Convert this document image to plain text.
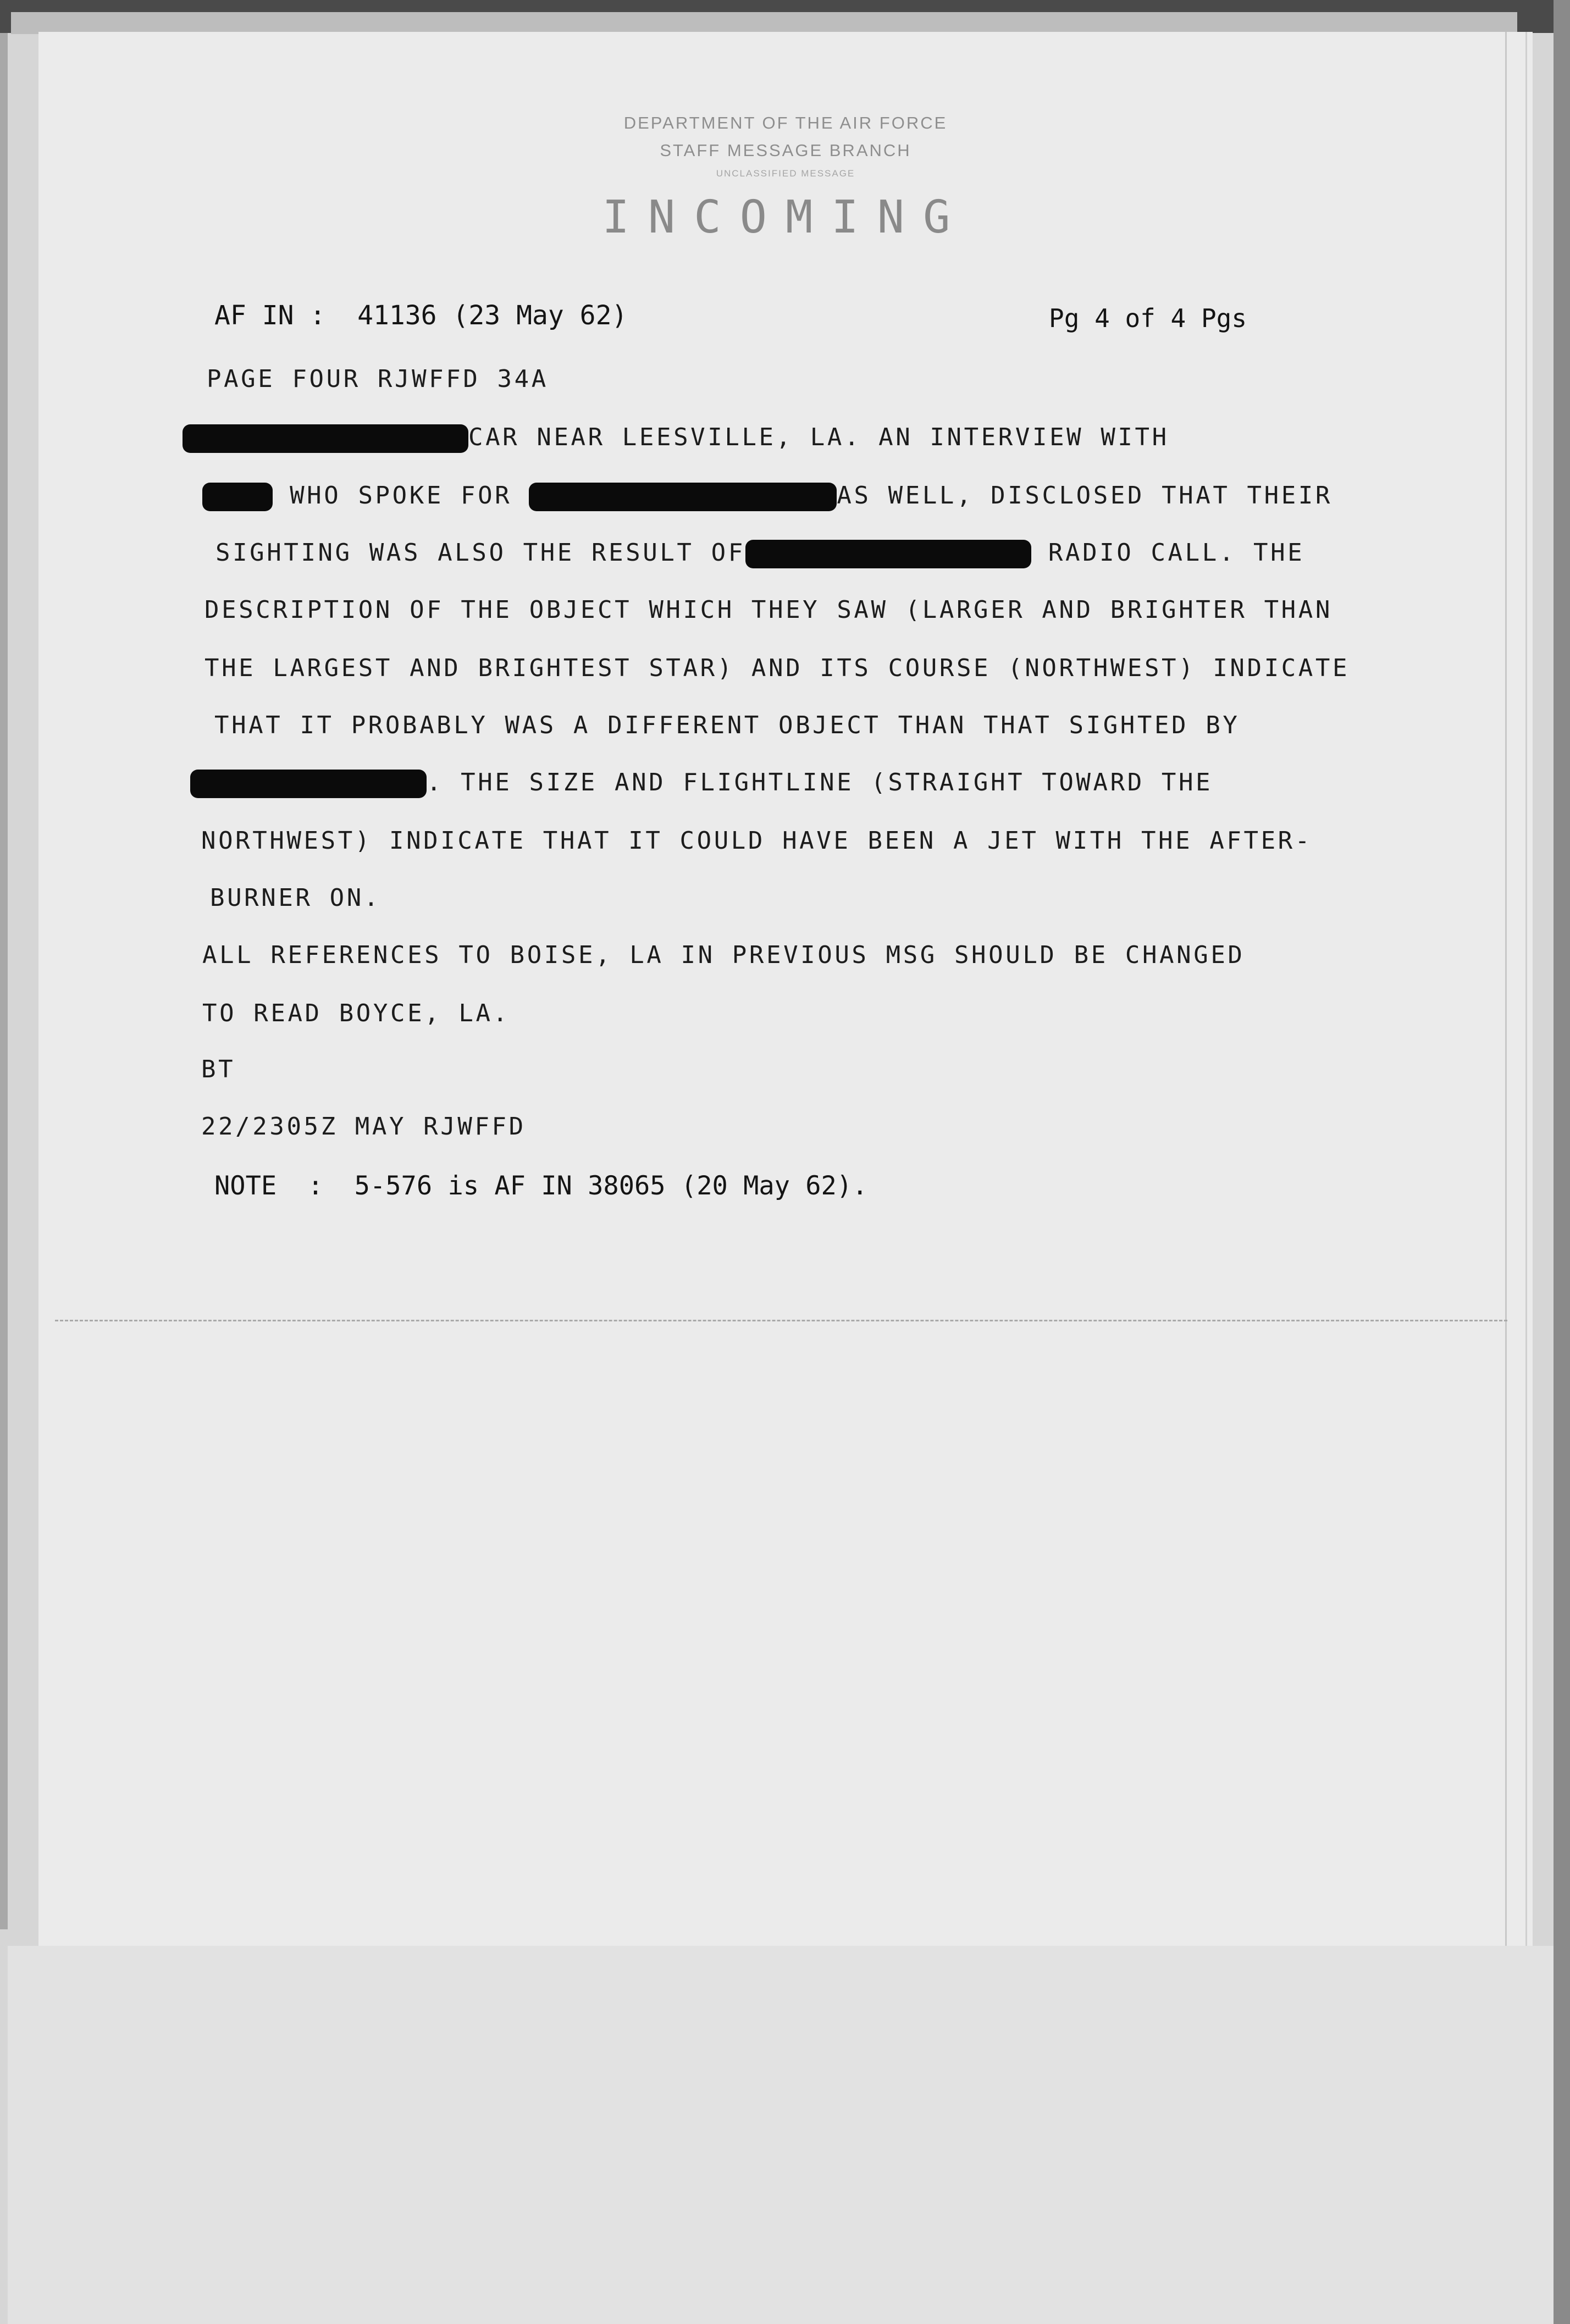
DEPARTMENT OF THE AIR FORCE
STAFF MESSAGE BRANCH
UNCLASSIFIED MESSAGE
INCOMING
AF IN :  41136 (23 May 62)	Pg 4 of 4 Pgs
PAGE FOUR RJWFFD 34A
CAR NEAR LEESVILLE, LA. AN INTERVIEW WITH
WHO SPOKE FOR	AS WELL, DISCLOSED THAT THEIR
SIGHTING WAS ALSO THE RESULT OF	RADIO CALL. THE
DESCRIPTION OF THE OBJECT WHICH THEY SAW (LARGER AND BRIGHTER THAN
THE LARGEST AND BRIGHTEST STAR) AND ITS COURSE (NORTHWEST) INDICATE
THAT IT PROBABLY WAS A DIFFERENT OBJECT THAN THAT SIGHTED BY
. THE SIZE AND FLIGHTLINE (STRAIGHT TOWARD THE
NORTHWEST) INDICATE THAT IT COULD HAVE BEEN A JET WITH THE AFTER-
BURNER ON.
ALL REFERENCES TO BOISE, LA IN PREVIOUS MSG SHOULD BE CHANGED
TO READ BOYCE, LA.
BT
22/2305Z MAY RJWFFD
NOTE  :  5-576 is AF IN 38065 (20 May 62).
